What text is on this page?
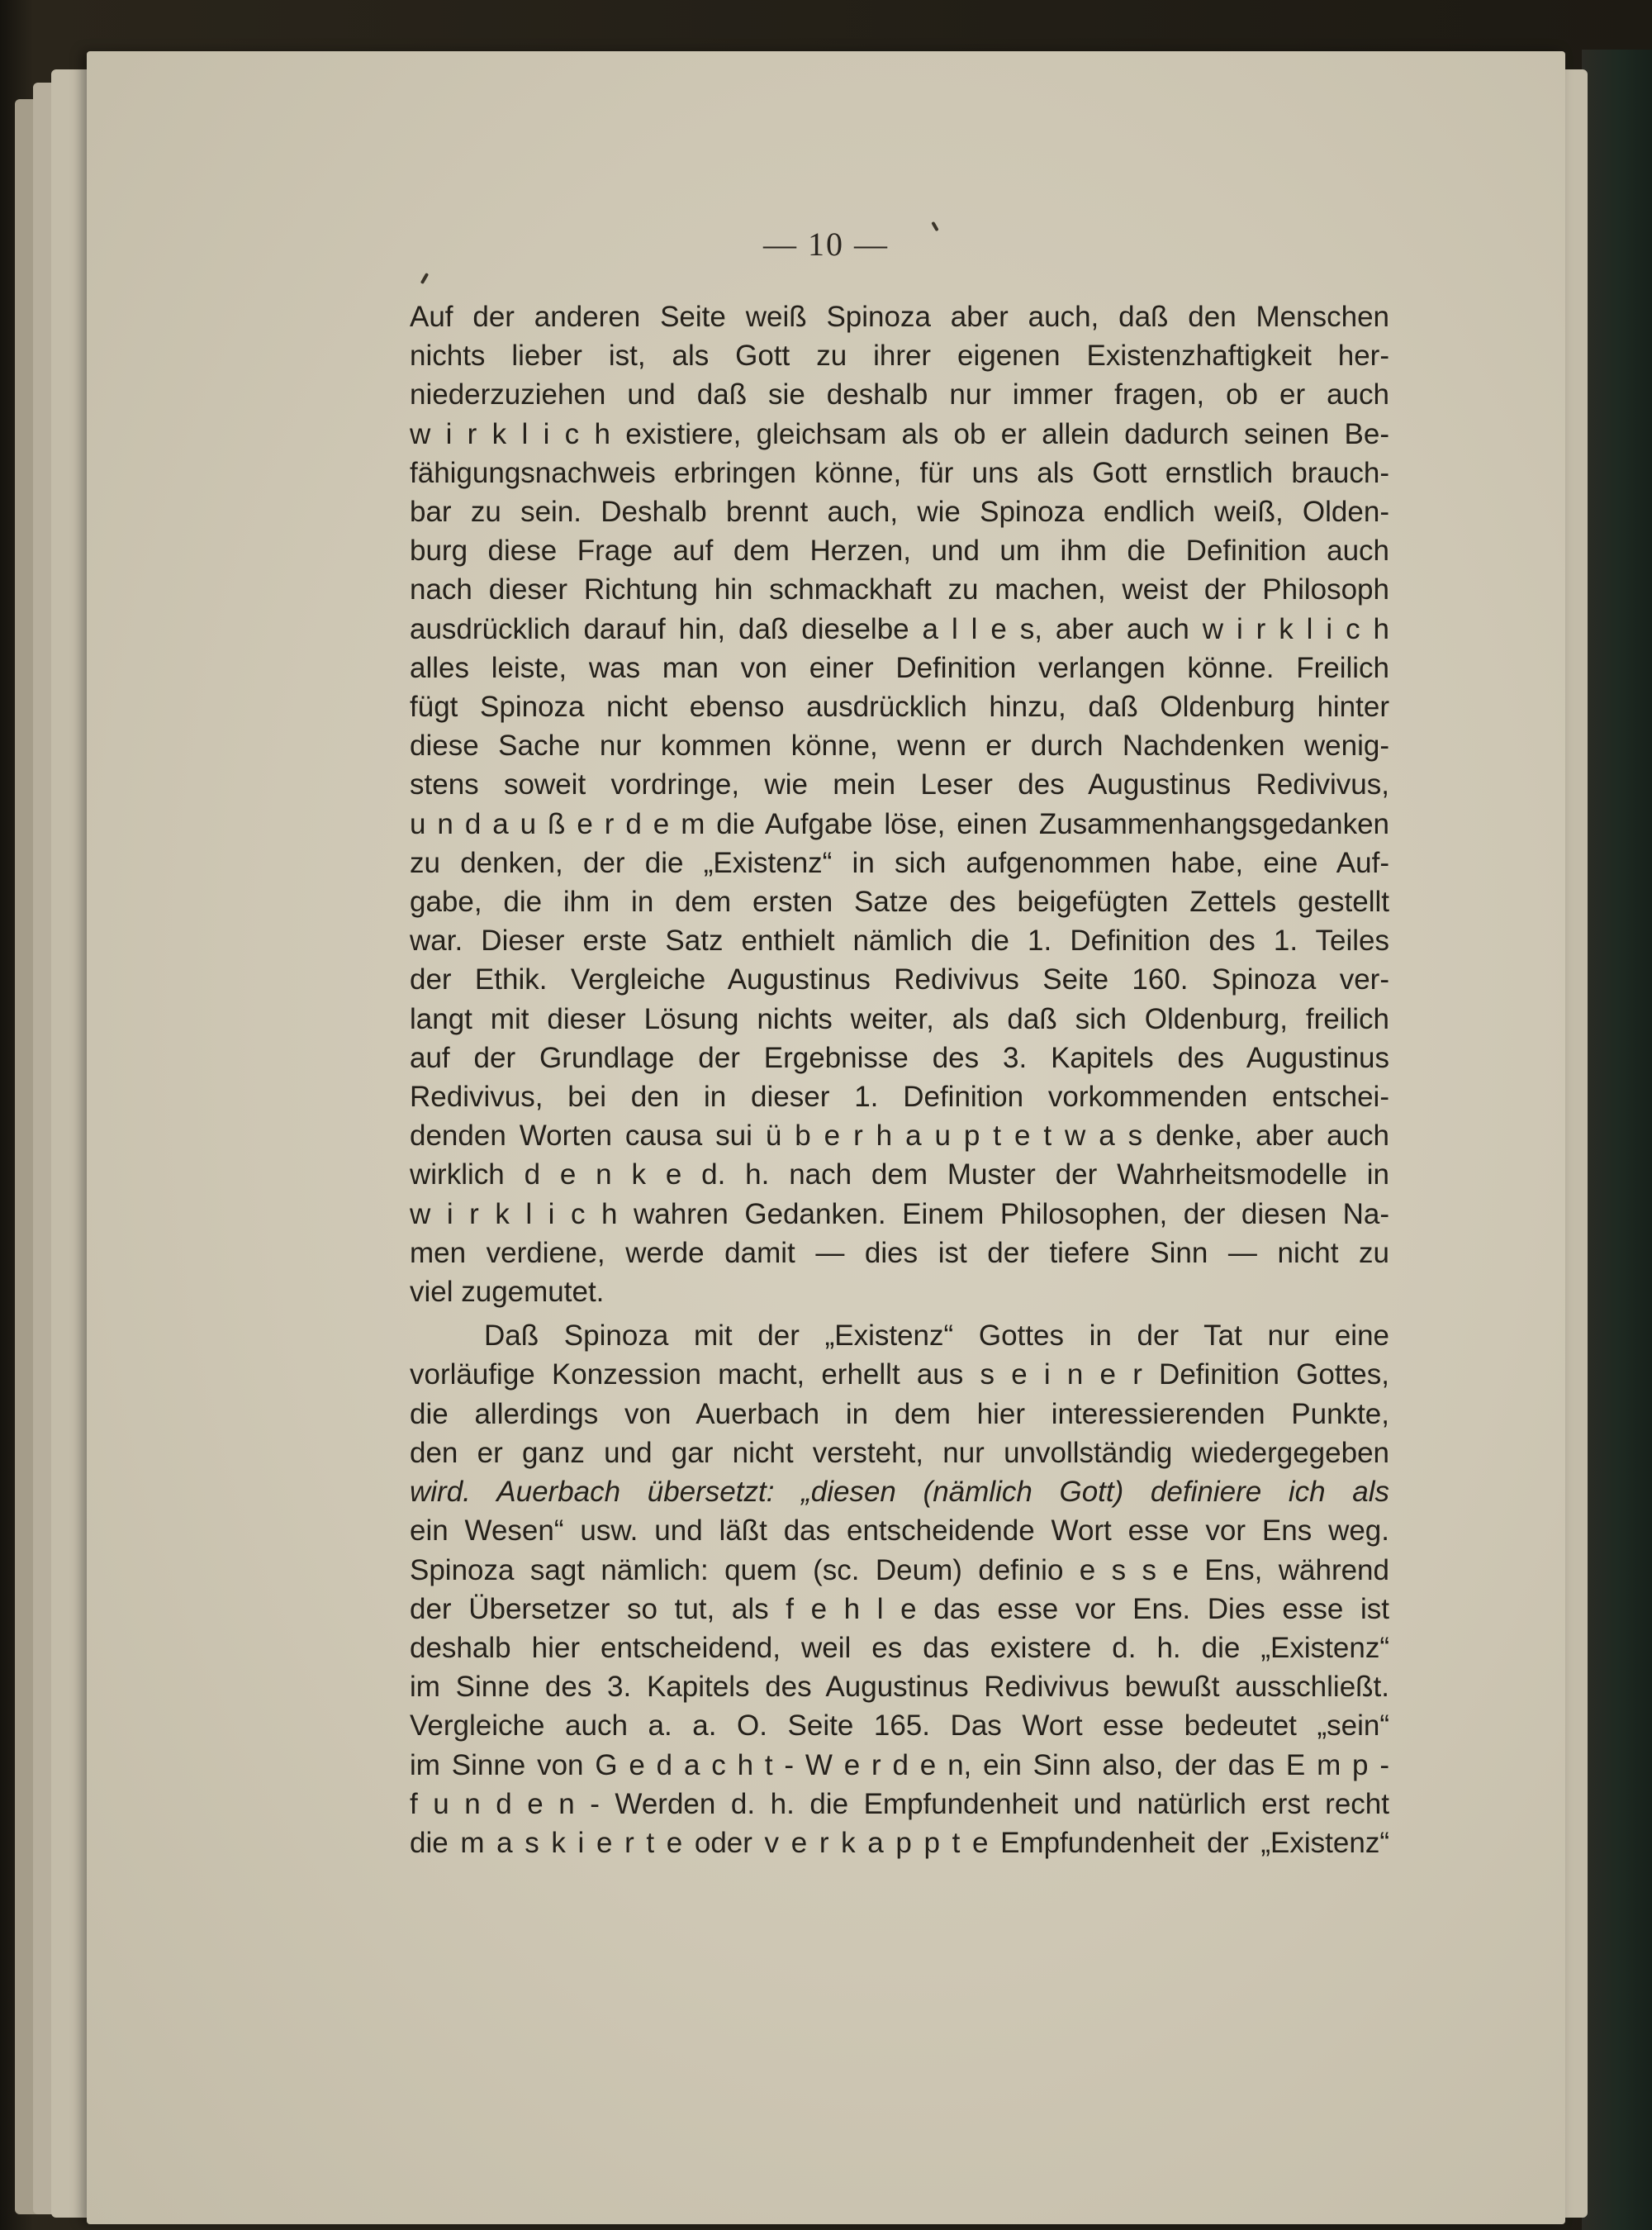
— 10 —

Auf der anderen Seite weiß Spinoza aber auch, daß den Menschen
nichts lieber ist, als Gott zu ihrer eigenen Existenzhaftigkeit her-
niederzuziehen und daß sie deshalb nur immer fragen, ob er auch
w i r k l i c h existiere, gleichsam als ob er allein dadurch seinen Be-
fähigungsnachweis erbringen könne, für uns als Gott ernstlich brauch-
bar zu sein. Deshalb brennt auch, wie Spinoza endlich weiß, Olden-
burg diese Frage auf dem Herzen, und um ihm die Definition auch
nach dieser Richtung hin schmackhaft zu machen, weist der Philosoph
ausdrücklich darauf hin, daß dieselbe a l l e s, aber auch w i r k l i c h
alles leiste, was man von einer Definition verlangen könne. Freilich
fügt Spinoza nicht ebenso ausdrücklich hinzu, daß Oldenburg hinter
diese Sache nur kommen könne, wenn er durch Nachdenken wenig-
stens soweit vordringe, wie mein Leser des Augustinus Redivivus,
u n d a u ß e r d e m die Aufgabe löse, einen Zusammenhangsgedanken
zu denken, der die „Existenz“ in sich aufgenommen habe, eine Auf-
gabe, die ihm in dem ersten Satze des beigefügten Zettels gestellt
war. Dieser erste Satz enthielt nämlich die 1. Definition des 1. Teiles
der Ethik. Vergleiche Augustinus Redivivus Seite 160. Spinoza ver-
langt mit dieser Lösung nichts weiter, als daß sich Oldenburg, freilich
auf der Grundlage der Ergebnisse des 3. Kapitels des Augustinus
Redivivus, bei den in dieser 1. Definition vorkommenden entschei-
denden Worten causa sui ü b e r h a u p t e t w a s denke, aber auch
wirklich d e n k e d. h. nach dem Muster der Wahrheitsmodelle in
w i r k l i c h wahren Gedanken. Einem Philosophen, der diesen Na-
men verdiene, werde damit — dies ist der tiefere Sinn — nicht zu
viel zugemutet.
Daß Spinoza mit der „Existenz“ Gottes in der Tat nur eine
vorläufige Konzession macht, erhellt aus s e i n e r Definition Gottes,
die allerdings von Auerbach in dem hier interessierenden Punkte,
den er ganz und gar nicht versteht, nur unvollständig wiedergegeben
wird. Auerbach übersetzt: „diesen (nämlich Gott) definiere ich als
ein Wesen“ usw. und läßt das entscheidende Wort esse vor Ens weg.
Spinoza sagt nämlich: quem (sc. Deum) definio e s s e Ens, während
der Übersetzer so tut, als f e h l e das esse vor Ens. Dies esse ist
deshalb hier entscheidend, weil es das existere d. h. die „Existenz“
im Sinne des 3. Kapitels des Augustinus Redivivus bewußt ausschließt.
Vergleiche auch a. a. O. Seite 165. Das Wort esse bedeutet „sein“
im Sinne von G e d a c h t - W e r d e n, ein Sinn also, der das E m p -
f u n d e n - Werden d. h. die Empfundenheit und natürlich erst recht
die m a s k i e r t e oder v e r k a p p t e Empfundenheit der „Existenz“
